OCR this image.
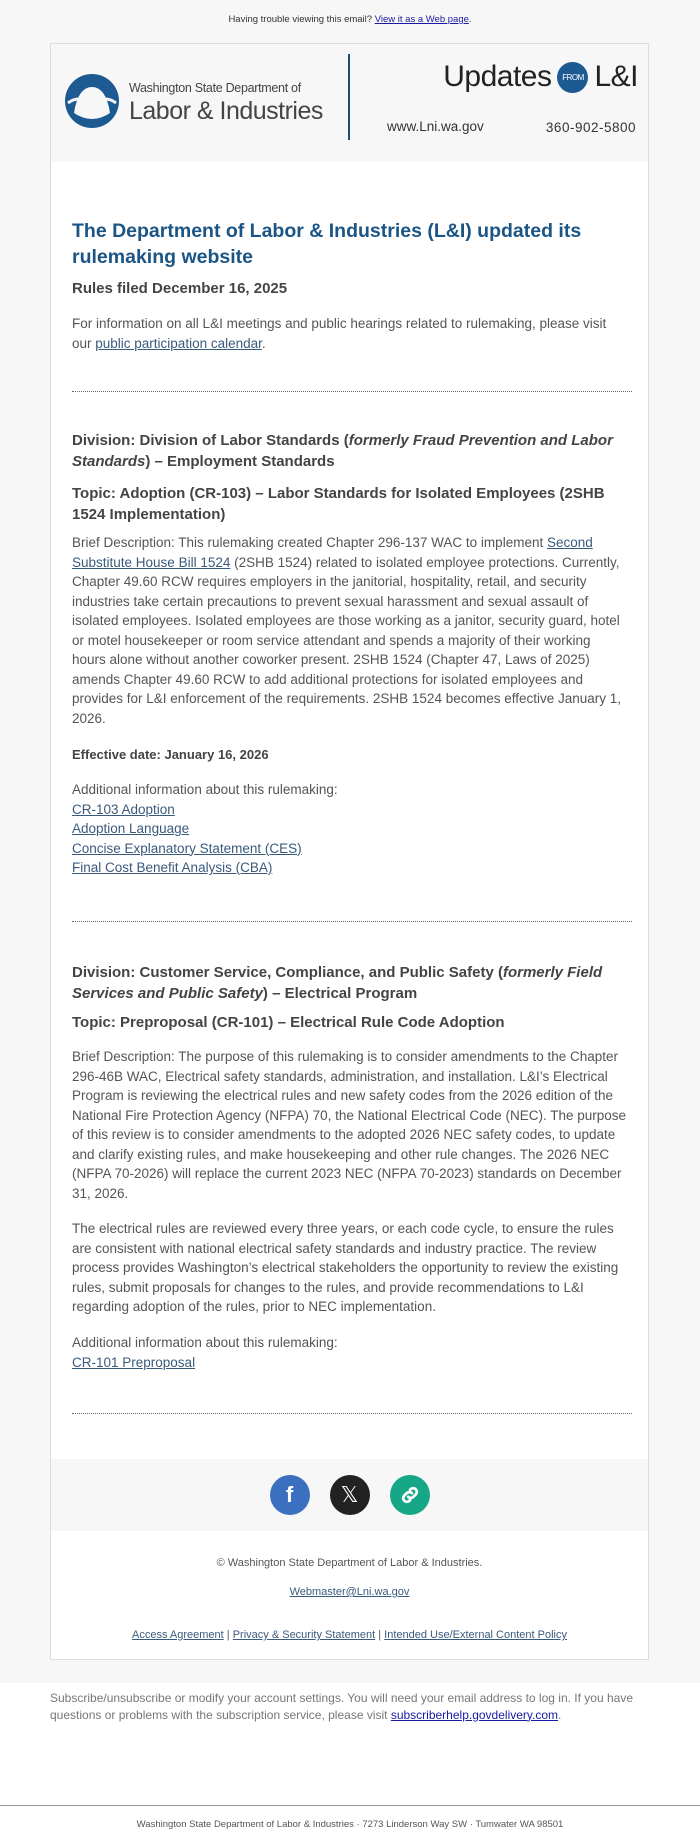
Having trouble viewing this email? View it as a Web page.
Washington State Department of
Labor & Industries
Updates	FROM L&I
www.Lni.wa.gov	360-902-5800
The Department of Labor & Industries (L&I) updated its rulemaking website
Rules filed December 16, 2025

For information on all L&I meetings and public hearings related to rulemaking, please visit our public participation calendar.

Division: Division of Labor Standards (formerly Fraud Prevention and Labor Standards) – Employment Standards
Topic: Adoption (CR-103) – Labor Standards for Isolated Employees (2SHB 1524 Implementation)

Brief Description: This rulemaking created Chapter 296-137 WAC to implement Second Substitute House Bill 1524 (2SHB 1524) related to isolated employee protections. Currently, Chapter 49.60 RCW requires employers in the janitorial, hospitality, retail, and security industries take certain precautions to prevent sexual harassment and sexual assault of isolated employees. Isolated employees are those working as a janitor, security guard, hotel or motel housekeeper or room service attendant and spends a majority of their working hours alone without another coworker present. 2SHB 1524 (Chapter 47, Laws of 2025) amends Chapter 49.60 RCW to add additional protections for isolated employees and provides for L&I enforcement of the requirements. 2SHB 1524 becomes effective January 1, 2026.

Effective date: January 16, 2026

Additional information about this rulemaking:
CR-103 Adoption
Adoption Language
Concise Explanatory Statement (CES)
Final Cost Benefit Analysis (CBA)
Division: Customer Service, Compliance, and Public Safety (formerly Field Services and Public Safety) – Electrical Program
Topic: Preproposal (CR-101) – Electrical Rule Code Adoption

Brief Description: The purpose of this rulemaking is to consider amendments to the Chapter 296-46B WAC, Electrical safety standards, administration, and installation. L&I’s Electrical Program is reviewing the electrical rules and new safety codes from the 2026 edition of the National Fire Protection Agency (NFPA) 70, the National Electrical Code (NEC). The purpose of this review is to consider amendments to the adopted 2026 NEC safety codes, to update and clarify existing rules, and make housekeeping and other rule changes. The 2026 NEC (NFPA 70-2026) will replace the current 2023 NEC (NFPA 70-2023) standards on December 31, 2026.

The electrical rules are reviewed every three years, or each code cycle, to ensure the rules are consistent with national electrical safety standards and industry practice. The review process provides Washington’s electrical stakeholders the opportunity to review the existing rules, submit proposals for changes to the rules, and provide recommendations to L&I regarding adoption of the rules, prior to NEC implementation.

Additional information about this rulemaking:
CR-101 Preproposal
f	𝕏
© Washington State Department of Labor & Industries.
Webmaster@Lni.wa.gov
Access Agreement | Privacy & Security Statement | Intended Use/External Content Policy
Subscribe/unsubscribe or modify your account settings. You will need your email address to log in. If you have questions or problems with the subscription service, please visit subscriberhelp.govdelivery.com.
Washington State Department of Labor & Industries · 7273 Linderson Way SW · Tumwater WA 98501
